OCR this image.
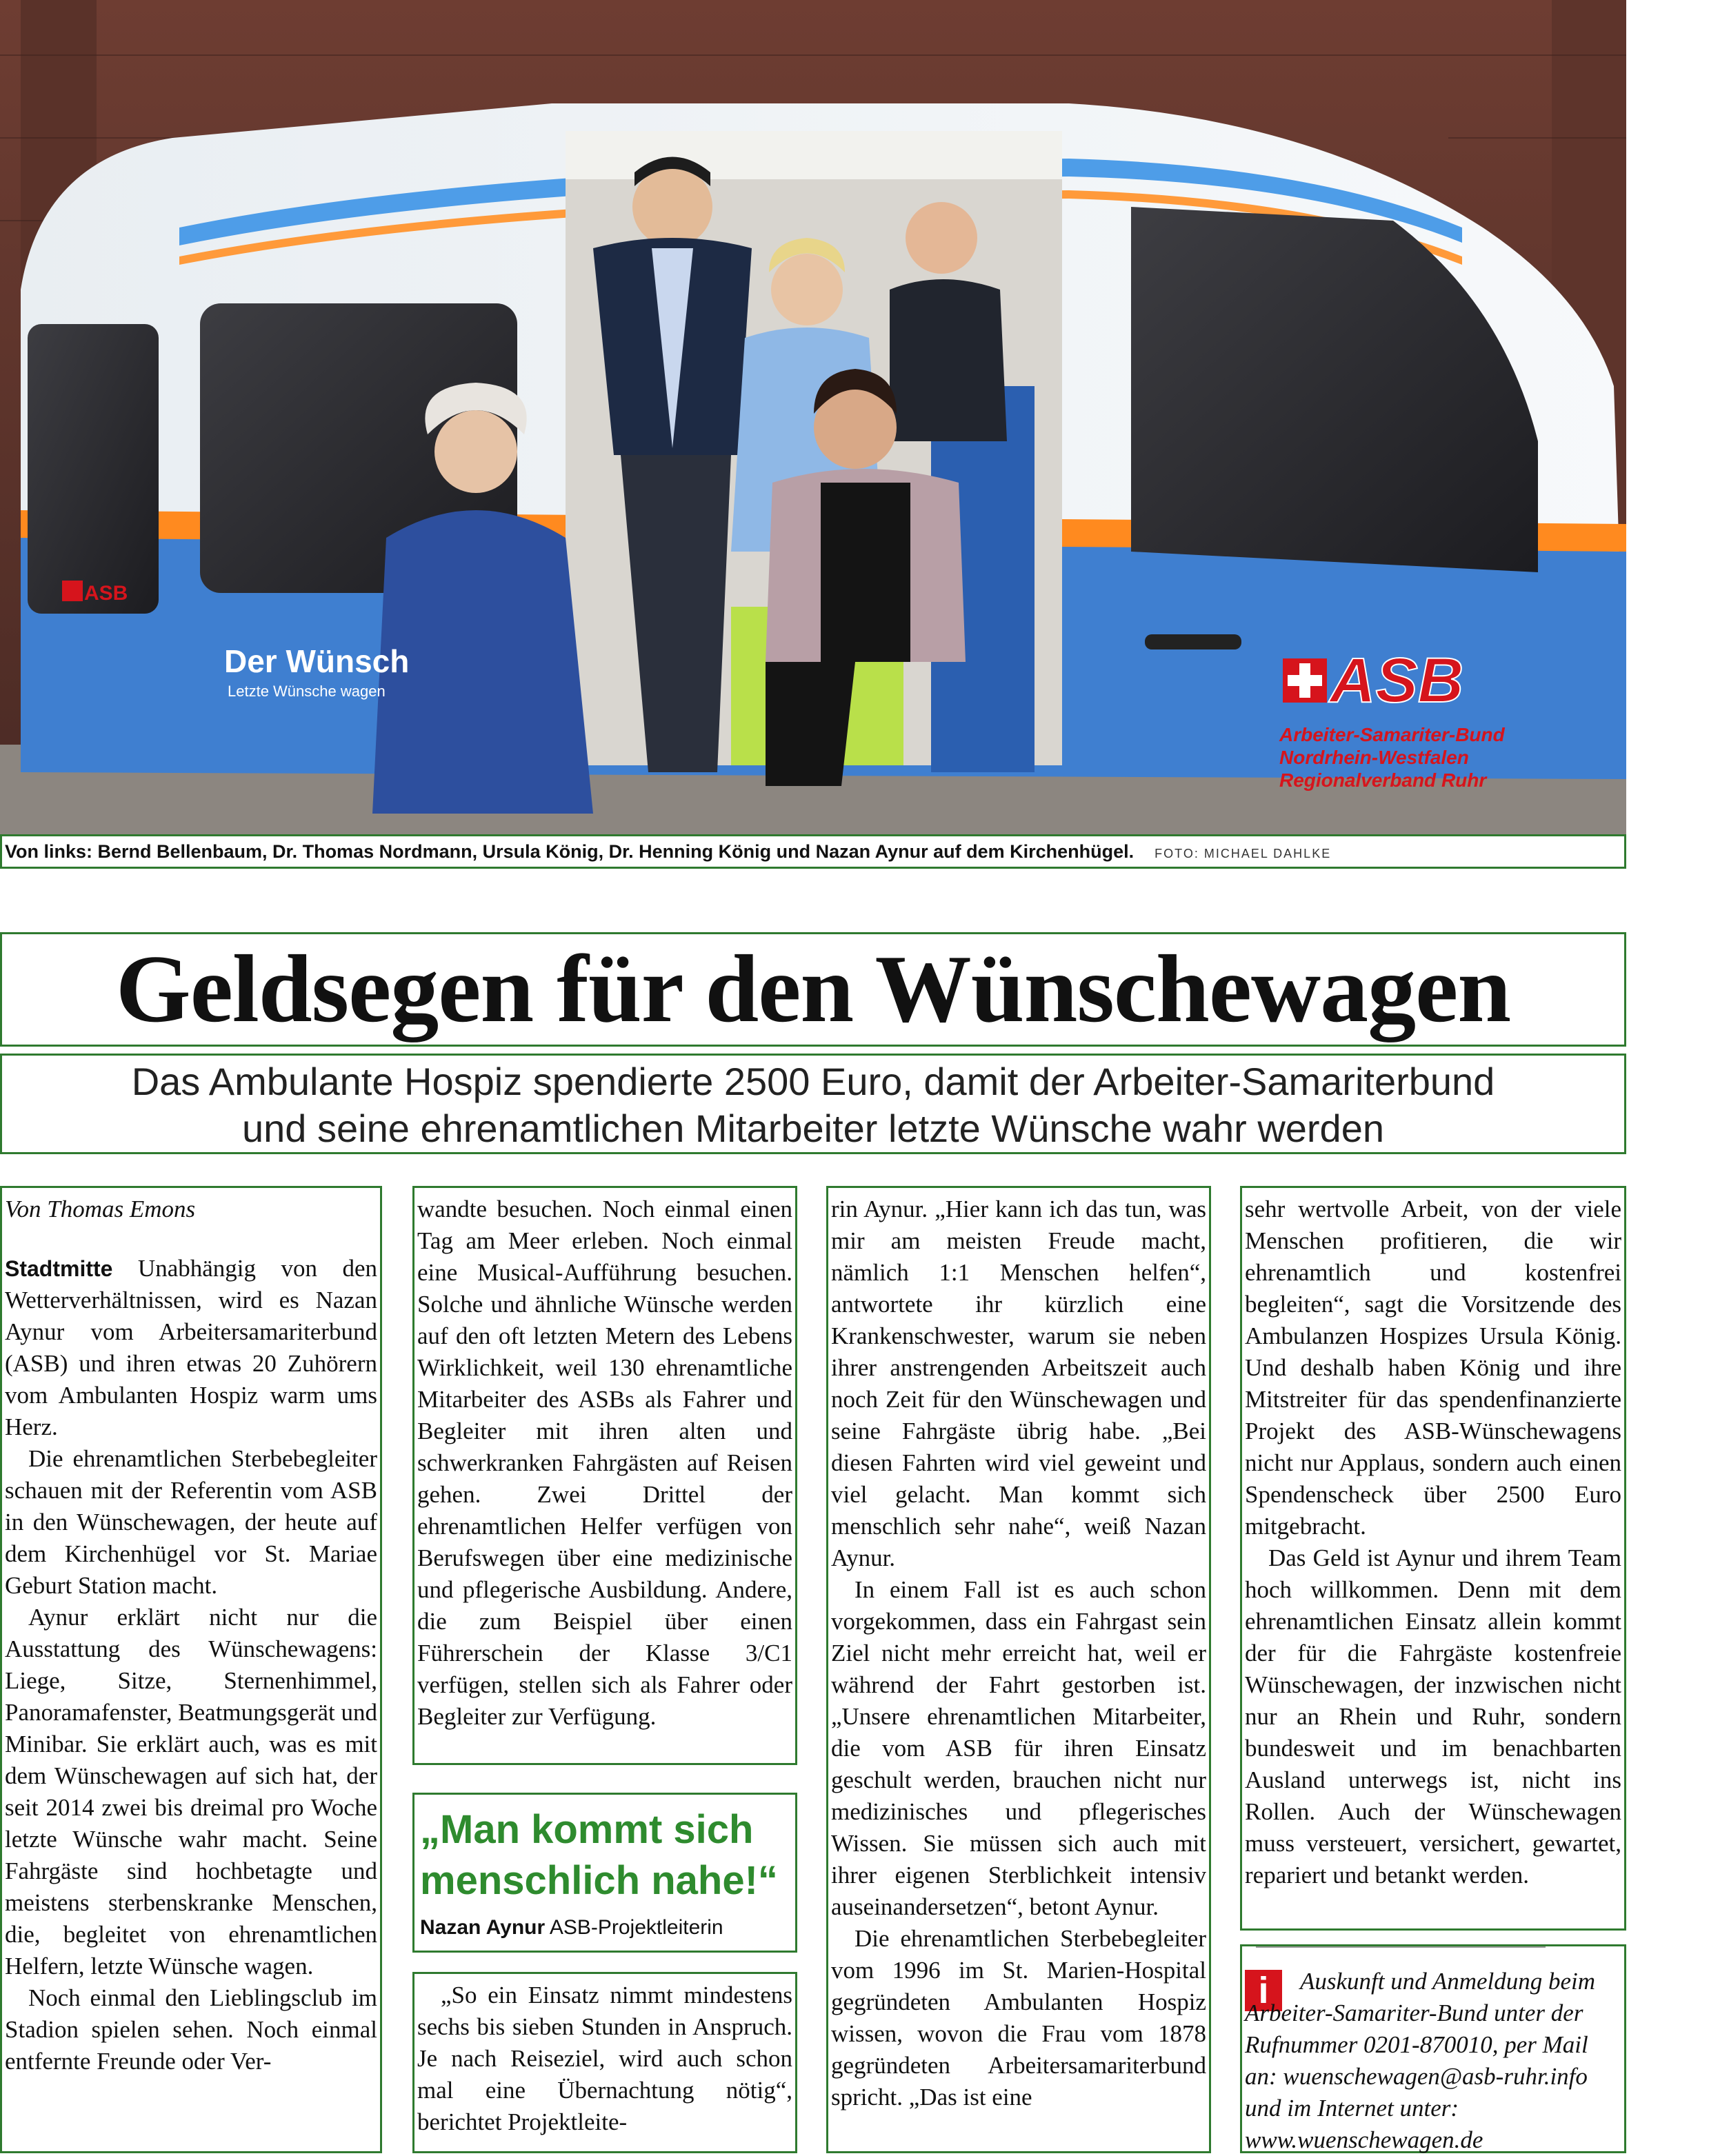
Der Wünsch
Letzte Wünsche wagen
ASB
ASB
Arbeiter-Samariter-Bund
Nordrhein-Westfalen
Regionalverband Ruhr
Von links: Bernd Bellenbaum, Dr. Thomas Nordmann, Ursula König, Dr. Henning König und Nazan Aynur auf dem Kirchenhügel. FOTO: MICHAEL DAHLKE
Geldsegen für den Wünschewagen
Das Ambulante Hospiz spendierte 2500 Euro, damit der Arbeiter-Samariterbund
und seine ehrenamtlichen Mitarbeiter letzte Wünsche wahr werden

Von Thomas Emons

Stadtmitte Unabhängig von den Wetterverhältnissen, wird es Nazan Aynur vom Arbeitersamariterbund (ASB) und ihren etwas 20 Zuhörern vom Ambulanten Hospiz warm ums Herz.

Die ehrenamtlichen Sterbebegleiter schauen mit der Referentin vom ASB in den Wünschewagen, der heute auf dem Kirchenhügel vor St. Mariae Geburt Station macht.

Aynur erklärt nicht nur die Ausstattung des Wünschewagens: Liege, Sitze, Sternenhimmel, Panoramafenster, Beatmungsgerät und Minibar. Sie erklärt auch, was es mit dem Wünschewagen auf sich hat, der seit 2014 zwei bis dreimal pro Woche letzte Wünsche wahr macht. Seine Fahrgäste sind hochbetagte und meistens sterbenskranke Menschen, die, begleitet von ehrenamtlichen Helfern, letzte Wünsche wagen.

Noch einmal den Lieblingsclub im Stadion spielen sehen. Noch einmal entfernte Freunde oder Ver-

wandte besuchen. Noch einmal einen Tag am Meer erleben. Noch einmal eine Musical-Aufführung besuchen. Solche und ähnliche Wünsche werden auf den oft letzten Metern des Lebens Wirklichkeit, weil 130 ehrenamtliche Mitarbeiter des ASBs als Fahrer und Begleiter mit ihren alten und schwerkranken Fahrgästen auf Reisen gehen. Zwei Drittel der ehrenamtlichen Helfer verfügen von Berufswegen über eine medizinische und pflegerische Ausbildung. Andere, die zum Beispiel über einen Führerschein der Klasse 3/C1 verfügen, stellen sich als Fahrer oder Begleiter zur Verfügung.

„Man kommt sich menschlich nahe!“
Nazan Aynur ASB-Projektleiterin

„So ein Einsatz nimmt mindestens sechs bis sieben Stunden in Anspruch. Je nach Reiseziel, wird auch schon mal eine Übernachtung nötig“, berichtet Projektleite-

rin Aynur. „Hier kann ich das tun, was mir am meisten Freude macht, nämlich 1:1 Menschen helfen“, antwortete ihr kürzlich eine Krankenschwester, warum sie neben ihrer anstrengenden Arbeitszeit auch noch Zeit für den Wünschewagen und seine Fahrgäste übrig habe. „Bei diesen Fahrten wird viel geweint und viel gelacht. Man kommt sich menschlich sehr nahe“, weiß Nazan Aynur.

In einem Fall ist es auch schon vorgekommen, dass ein Fahrgast sein Ziel nicht mehr erreicht hat, weil er während der Fahrt gestorben ist. „Unsere ehrenamtlichen Mitarbeiter, die vom ASB für ihren Einsatz geschult werden, brauchen nicht nur medizinisches und pflegerisches Wissen. Sie müssen sich auch mit ihrer eigenen Sterblichkeit intensiv auseinandersetzen“, betont Aynur.

Die ehrenamtlichen Sterbebegleiter vom 1996 im St. Marien-Hospital gegründeten Ambulanten Hospiz wissen, wovon die Frau vom 1878 gegründeten Arbeitersamariterbund spricht. „Das ist eine

sehr wertvolle Arbeit, von der viele Menschen profitieren, die wir ehrenamtlich und kostenfrei begleiten“, sagt die Vorsitzende des Ambulanzen Hospizes Ursula König. Und deshalb haben König und ihre Mitstreiter für das spendenfinanzierte Projekt des ASB-Wünschewagens nicht nur Applaus, sondern auch einen Spendenscheck über 2500 Euro mitgebracht.

Das Geld ist Aynur und ihrem Team hoch willkommen. Denn mit dem ehrenamtlichen Einsatz allein kommt der für die Fahrgäste kostenfreie Wünschewagen, der inzwischen nicht nur an Rhein und Ruhr, sondern bundesweit und im benachbarten Ausland unterwegs ist, nicht ins Rollen. Auch der Wünschewagen muss versteuert, versichert, gewartet, repariert und betankt werden.

i	Auskunft und Anmeldung beim Arbeiter-Samariter-Bund unter der Rufnummer 0201-870010, per Mail an: wuenschewagen@asb-ruhr.info und im Internet unter: www.wuenschewagen.de
